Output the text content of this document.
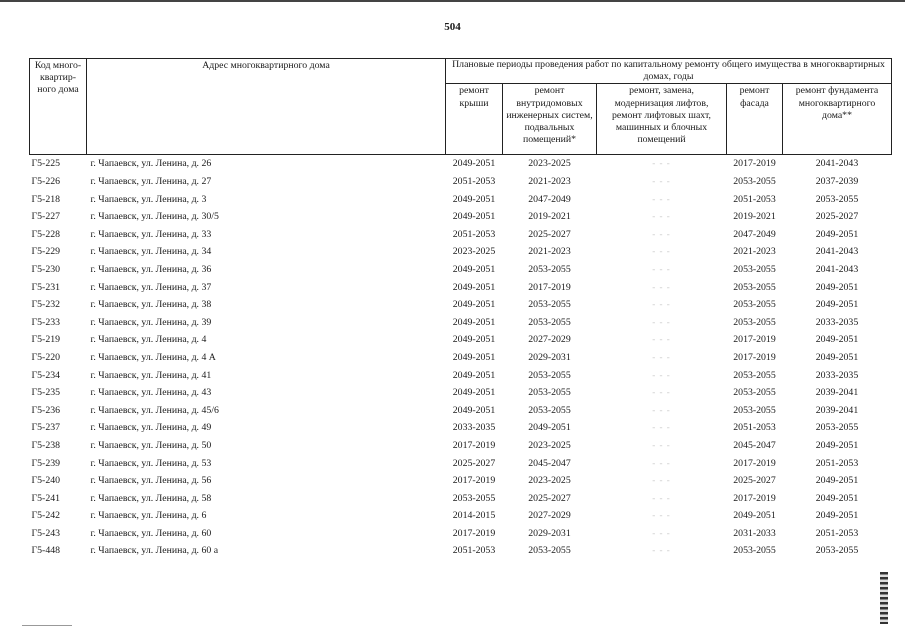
504
Код много-квартир-ного дома	Адрес многоквартирного дома	Плановые периоды проведения работ по капитальному ремонту общего имущества в многоквартирных домах, годы				
		ремонт крыши	ремонт внутридомовых инженерных систем, подвальных помещений*	ремонт, замена, модернизация лифтов, ремонт лифтовых шахт, машинных и блочных помещений	ремонт фасада	ремонт фундамента многоквартирного дома**
Г5-225	г. Чапаевск, ул. Ленина, д. 26	2049-2051	2023-2025	- - -	2017-2019	2041-2043
Г5-226	г. Чапаевск, ул. Ленина, д. 27	2051-2053	2021-2023	- - -	2053-2055	2037-2039
Г5-218	г. Чапаевск, ул. Ленина, д. 3	2049-2051	2047-2049	- - -	2051-2053	2053-2055
Г5-227	г. Чапаевск, ул. Ленина, д. 30/5	2049-2051	2019-2021	- - -	2019-2021	2025-2027
Г5-228	г. Чапаевск, ул. Ленина, д. 33	2051-2053	2025-2027	- - -	2047-2049	2049-2051
Г5-229	г. Чапаевск, ул. Ленина, д. 34	2023-2025	2021-2023	- - -	2021-2023	2041-2043
Г5-230	г. Чапаевск, ул. Ленина, д. 36	2049-2051	2053-2055	- - -	2053-2055	2041-2043
Г5-231	г. Чапаевск, ул. Ленина, д. 37	2049-2051	2017-2019	- - -	2053-2055	2049-2051
Г5-232	г. Чапаевск, ул. Ленина, д. 38	2049-2051	2053-2055	- - -	2053-2055	2049-2051
Г5-233	г. Чапаевск, ул. Ленина, д. 39	2049-2051	2053-2055	- - -	2053-2055	2033-2035
Г5-219	г. Чапаевск, ул. Ленина, д. 4	2049-2051	2027-2029	- - -	2017-2019	2049-2051
Г5-220	г. Чапаевск, ул. Ленина, д. 4 А	2049-2051	2029-2031	- - -	2017-2019	2049-2051
Г5-234	г. Чапаевск, ул. Ленина, д. 41	2049-2051	2053-2055	- - -	2053-2055	2033-2035
Г5-235	г. Чапаевск, ул. Ленина, д. 43	2049-2051	2053-2055	- - -	2053-2055	2039-2041
Г5-236	г. Чапаевск, ул. Ленина, д. 45/6	2049-2051	2053-2055	- - -	2053-2055	2039-2041
Г5-237	г. Чапаевск, ул. Ленина, д. 49	2033-2035	2049-2051	- - -	2051-2053	2053-2055
Г5-238	г. Чапаевск, ул. Ленина, д. 50	2017-2019	2023-2025	- - -	2045-2047	2049-2051
Г5-239	г. Чапаевск, ул. Ленина, д. 53	2025-2027	2045-2047	- - -	2017-2019	2051-2053
Г5-240	г. Чапаевск, ул. Ленина, д. 56	2017-2019	2023-2025	- - -	2025-2027	2049-2051
Г5-241	г. Чапаевск, ул. Ленина, д. 58	2053-2055	2025-2027	- - -	2017-2019	2049-2051
Г5-242	г. Чапаевск, ул. Ленина, д. 6	2014-2015	2027-2029	- - -	2049-2051	2049-2051
Г5-243	г. Чапаевск, ул. Ленина, д. 60	2017-2019	2029-2031	- - -	2031-2033	2051-2053
Г5-448	г. Чапаевск, ул. Ленина, д. 60 а	2051-2053	2053-2055	- - -	2053-2055	2053-2055
